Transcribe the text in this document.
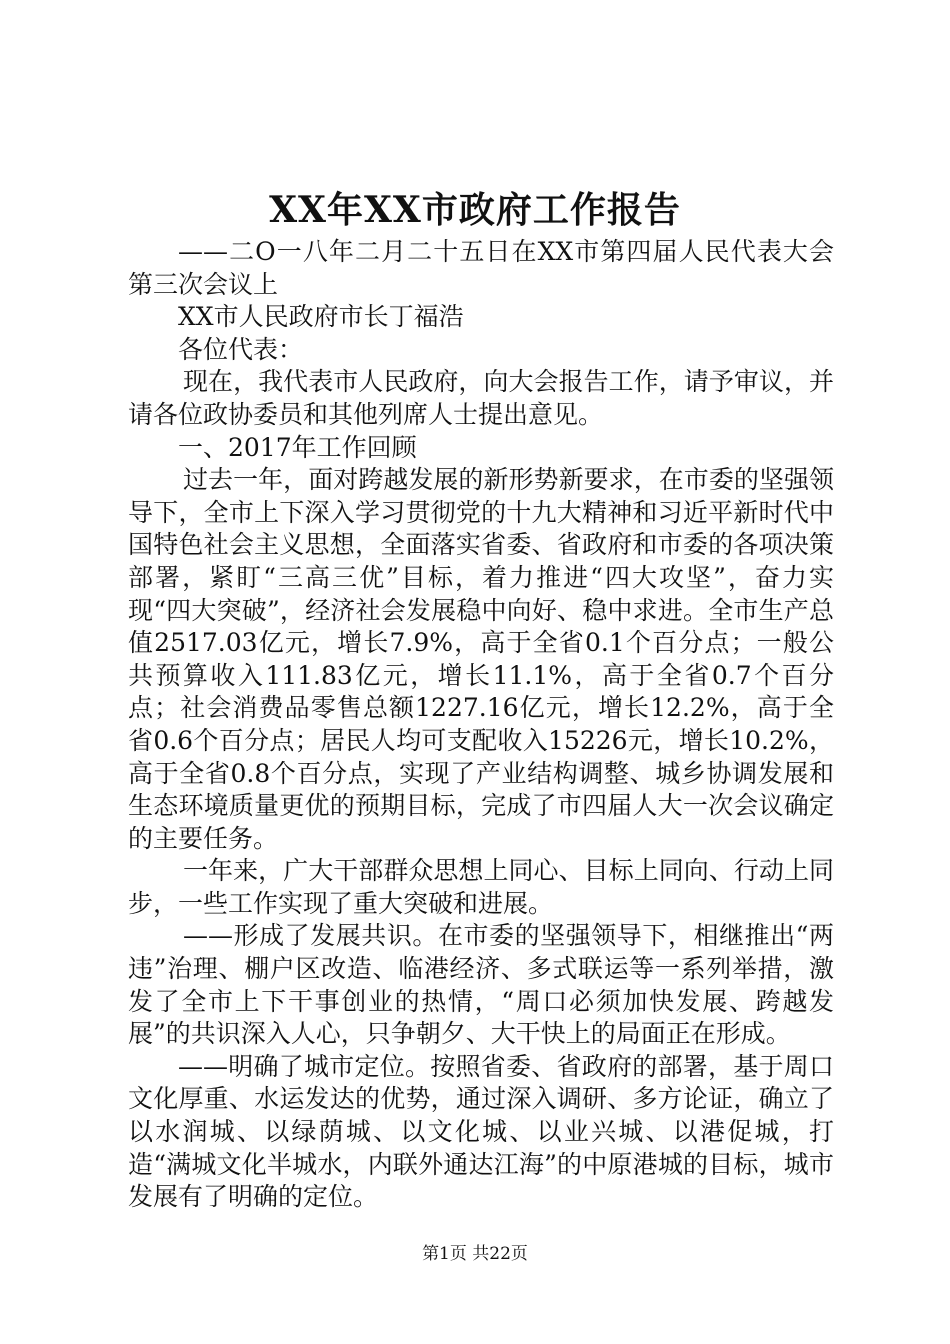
XX年XX市政府工作报告

——二O一八年二月二十五日在XX市第四届人民代表大会第三次会议上

XX市人民政府市长丁福浩

各位代表：

现在，我代表市人民政府，向大会报告工作，请予审议，并请各位政协委员和其他列席人士提出意见。

一、2017年工作回顾

过去一年，面对跨越发展的新形势新要求，在市委的坚强领导下，全市上下深入学习贯彻党的十九大精神和习近平新时代中国特色社会主义思想，全面落实省委、省政府和市委的各项决策部署，紧盯“三高三优”目标，着力推进“四大攻坚”，奋力实现“四大突破”，经济社会发展稳中向好、稳中求进。全市生产总值2517.03亿元，增长7.9%，高于全省0.1个百分点；一般公共预算收入111.83亿元，增长11.1%，高于全省0.7个百分点；社会消费品零售总额1227.16亿元，增长12.2%，高于全省0.6个百分点；居民人均可支配收入15226元，增长10.2%，高于全省0.8个百分点，实现了产业结构调整、城乡协调发展和生态环境质量更优的预期目标，完成了市四届人大一次会议确定的主要任务。

一年来，广大干部群众思想上同心、目标上同向、行动上同步，一些工作实现了重大突破和进展。

——形成了发展共识。在市委的坚强领导下，相继推出“两违”治理、棚户区改造、临港经济、多式联运等一系列举措，激发了全市上下干事创业的热情，“周口必须加快发展、跨越发展”的共识深入人心，只争朝夕、大干快上的局面正在形成。

——明确了城市定位。按照省委、省政府的部署，基于周口文化厚重、水运发达的优势，通过深入调研、多方论证，确立了以水润城、以绿荫城、以文化城、以业兴城、以港促城，打造“满城文化半城水，内联外通达江海”的中原港城的目标，城市发展有了明确的定位。

第1页 共22页
